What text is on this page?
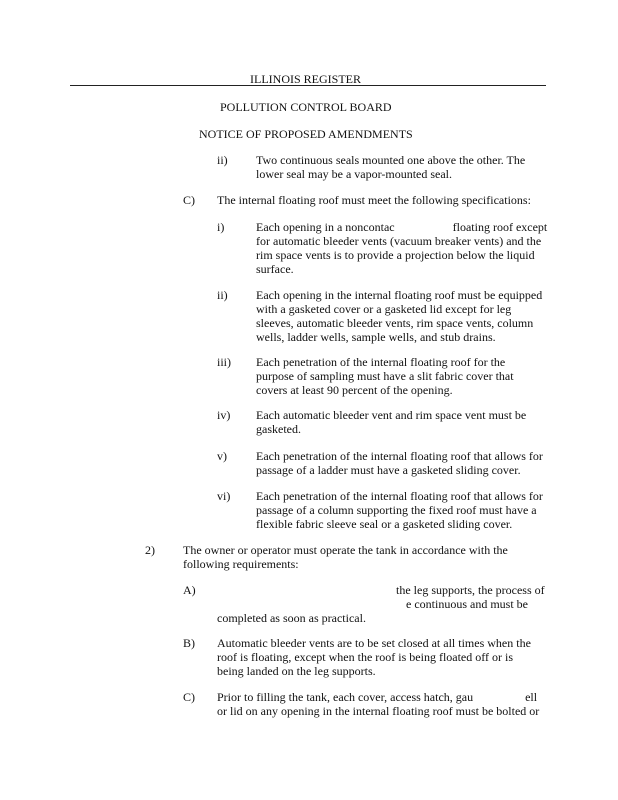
ILLINOIS REGISTER
POLLUTION CONTROL BOARD
NOTICE OF PROPOSED AMENDMENTS
ii) Two continuous seals mounted one above the other. The
lower seal may be a vapor-mounted seal.
C) The internal floating roof must meet the following specifications:
i)	Each opening in a noncontac	floating roof except
for automatic bleeder vents (vacuum breaker vents) and the
rim space vents is to provide a projection below the liquid
surface.
ii) Each opening in the internal floating roof must be equipped
with a gasketed cover or a gasketed lid except for leg
sleeves, automatic bleeder vents, rim space vents, column
wells, ladder wells, sample wells, and stub drains.
iii) Each penetration of the internal floating roof for the
purpose of sampling must have a slit fabric cover that
covers at least 90 percent of the opening.
iv) Each automatic bleeder vent and rim space vent must be
gasketed.
v) Each penetration of the internal floating roof that allows for
passage of a ladder must have a gasketed sliding cover.
vi) Each penetration of the internal floating roof that allows for
passage of a column supporting the fixed roof must have a
flexible fabric sleeve seal or a gasketed sliding cover.
2) The owner or operator must operate the tank in accordance with the
following requirements:
A)	the leg supports, the process of
e continuous and must be
completed as soon as practical.
B) Automatic bleeder vents are to be set closed at all times when the
roof is floating, except when the roof is being floated off or is
being landed on the leg supports.
C) Prior to filling the tank, each cover, access hatch, gau	ell
or lid on any opening in the internal floating roof must be bolted or
